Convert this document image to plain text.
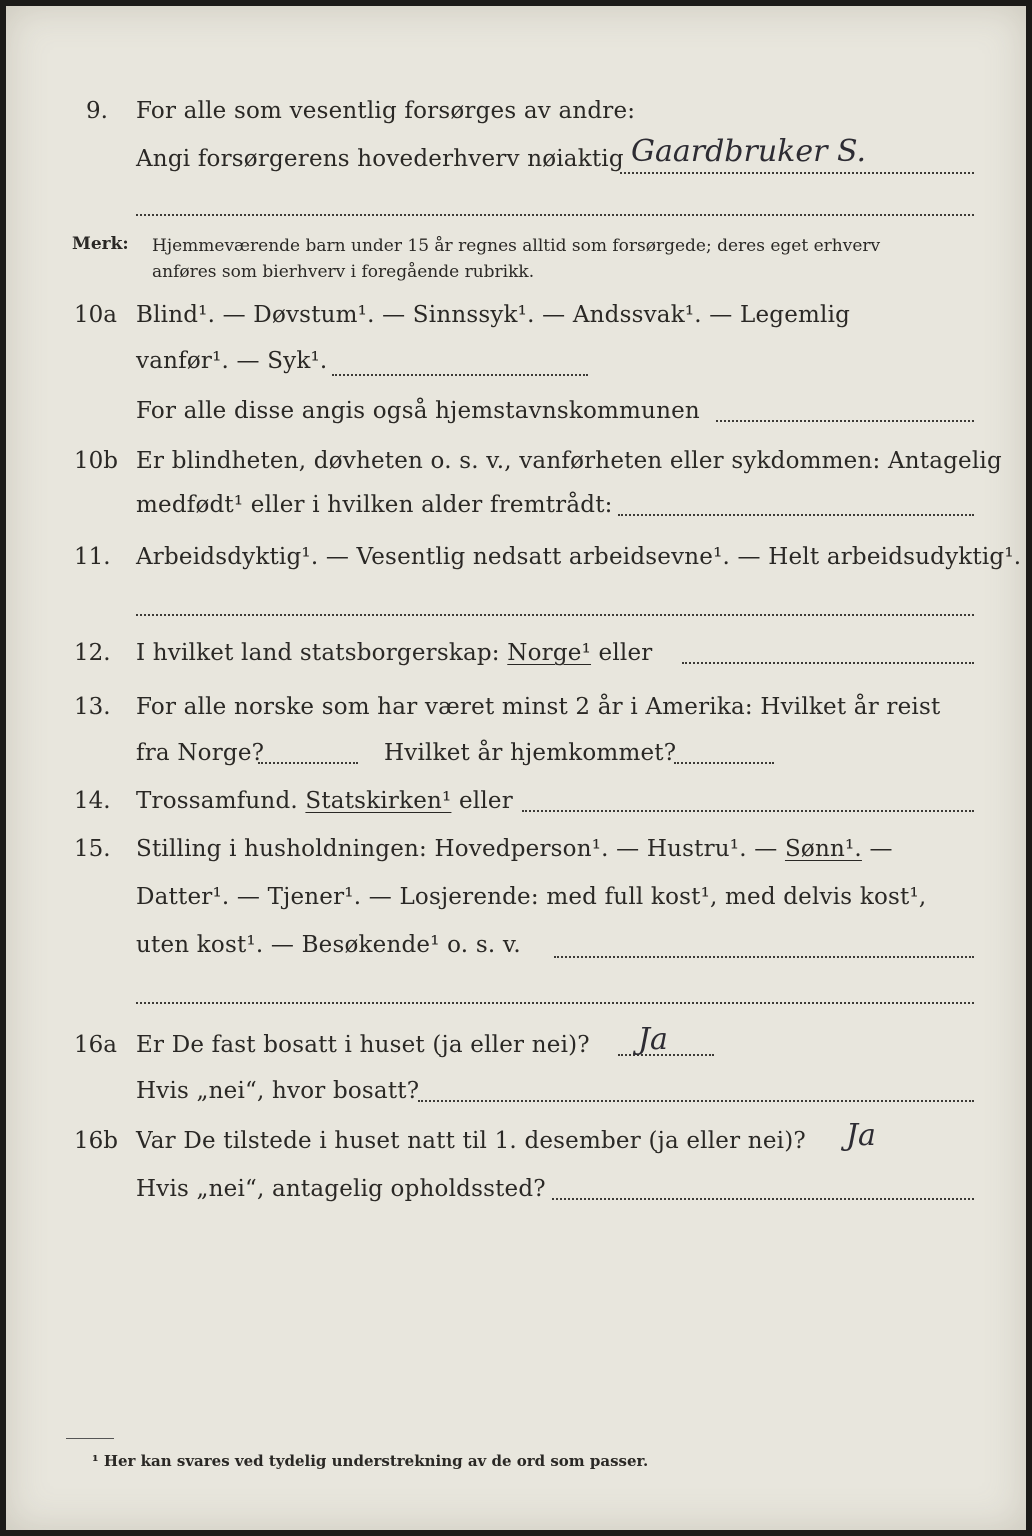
9. For alle som vesentlig forsørges av andre:
Angi forsørgerens hovederhverv nøiaktig Gaardbruker S.
Merk: Hjemmeværende barn under 15 år regnes alltid som forsørgede; deres eget erhverv
anføres som bierhverv i foregående rubrikk.
10a Blind¹. — Døvstum¹. — Sinnssyk¹. — Andssvak¹. — Legemlig
vanfør¹. — Syk¹.
For alle disse angis også hjemstavnskommunen
10b Er blindheten, døvheten o. s. v., vanførheten eller sykdommen: Antagelig
medfødt¹ eller i hvilken alder fremtrådt:
11. Arbeidsdyktig¹. — Vesentlig nedsatt arbeidsevne¹. — Helt arbeidsudyktig¹.
12. I hvilket land statsborgerskap: Norge¹ eller
13. For alle norske som har været minst 2 år i Amerika: Hvilket år reist
fra Norge?	Hvilket år hjemkommet?
14. Trossamfund. Statskirken¹ eller
15. Stilling i husholdningen: Hovedperson¹. — Hustru¹. — Sønn¹. —
Datter¹. — Tjener¹. — Losjerende: med full kost¹, med delvis kost¹,
uten kost¹. — Besøkende¹ o. s. v.
16a Er De fast bosatt i huset (ja eller nei)? Ja
Hvis „nei“, hvor bosatt?
16b Var De tilstede i huset natt til 1. desember (ja eller nei)? Ja
Hvis „nei“, antagelig opholdssted?
¹ Her kan svares ved tydelig understrekning av de ord som passer.
